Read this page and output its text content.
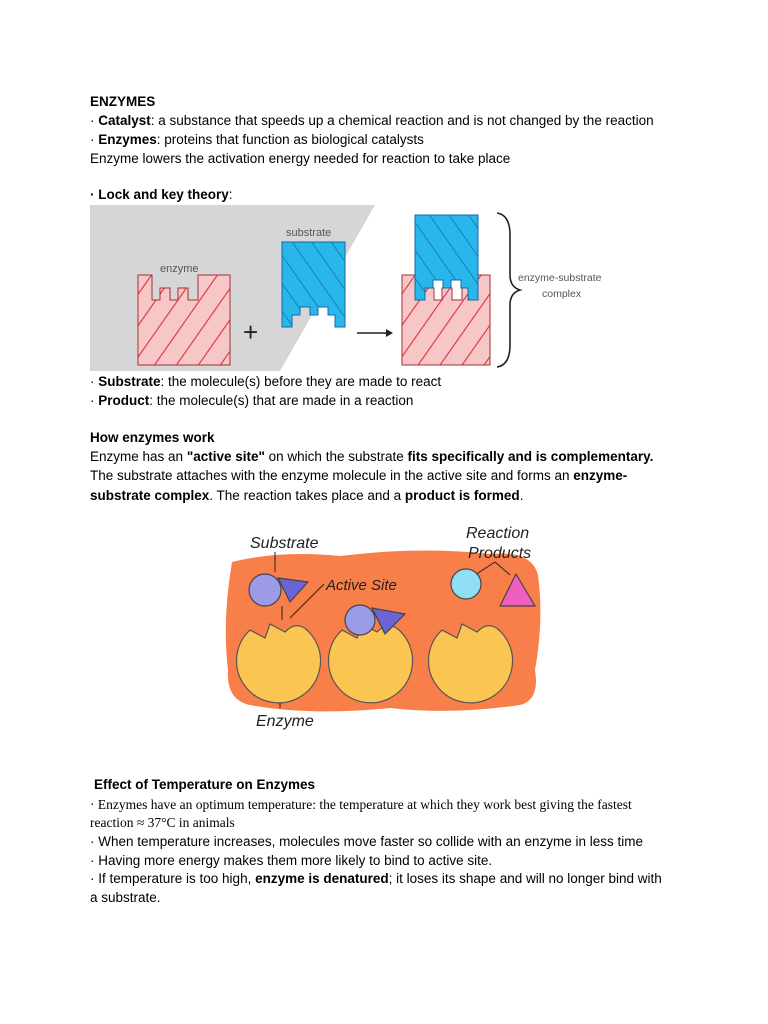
ENZYMES
· Catalyst: a substance that speeds up a chemical reaction and is not changed by the reaction
· Enzymes: proteins that function as biological catalysts
Enzyme lowers the activation energy needed for reaction to take place
· Lock and key theory:
enzyme
+
substrate
enzyme-substrate
complex
· Substrate: the molecule(s) before they are made to react
· Product: the molecule(s) that are made in a reaction
How enzymes work
Enzyme has an "active site" on which the substrate fits specifically and is complementary.
The substrate attaches with the enzyme molecule in the active site and forms an enzyme-
substrate complex. The reaction takes place and a product is formed.
Substrate
Active Site
Reaction
Products
Enzyme
Effect of Temperature on Enzymes
· Enzymes have an optimum temperature: the temperature at which they work best giving the fastest
reaction ≈ 37°C in animals
· When temperature increases, molecules move faster so collide with an enzyme in less time
· Having more energy makes them more likely to bind to active site.
· If temperature is too high, enzyme is denatured; it loses its shape and will no longer bind with
a substrate.
